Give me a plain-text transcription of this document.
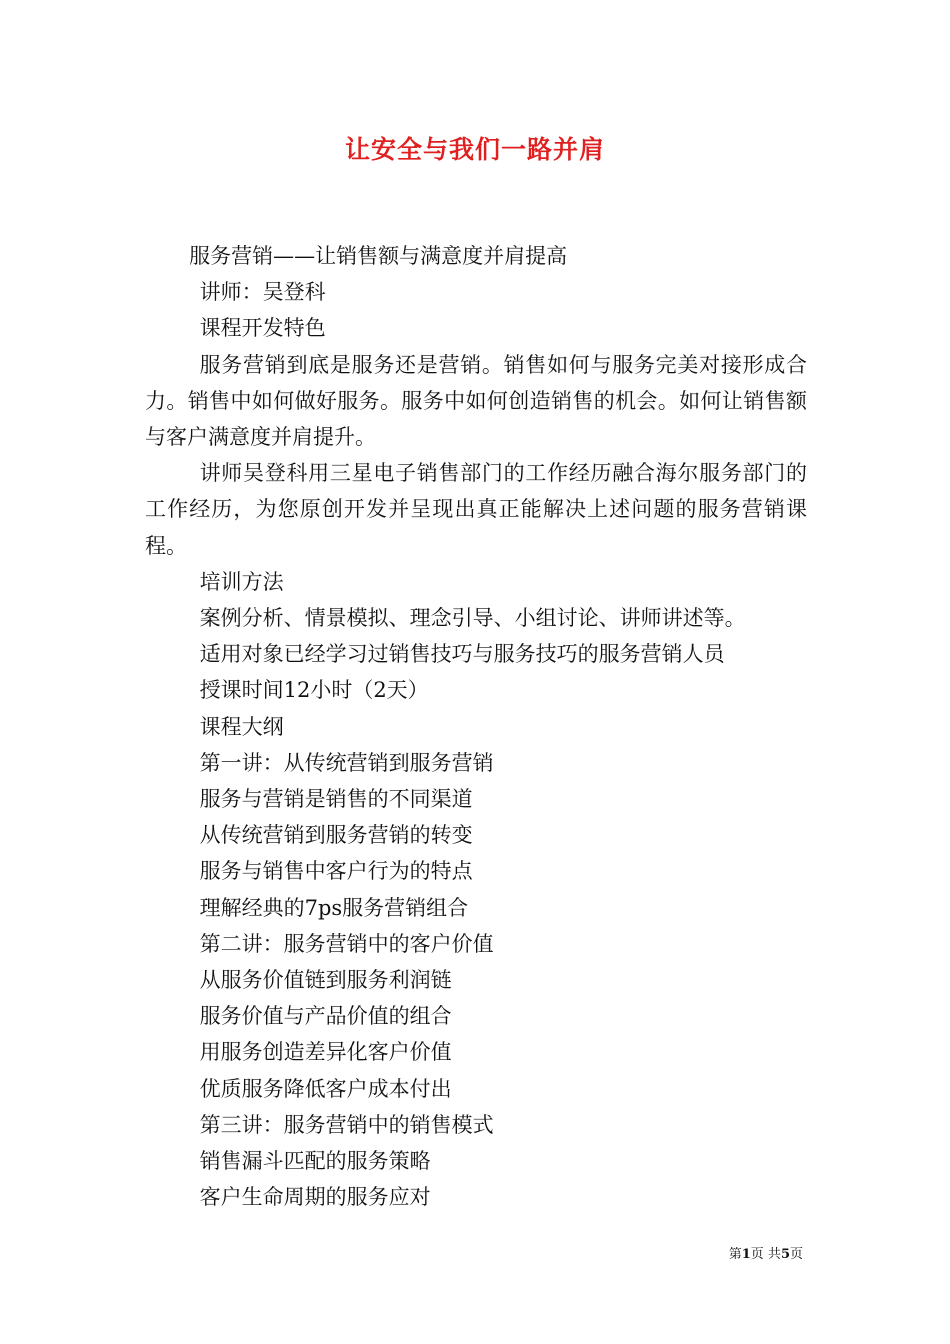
让安全与我们一路并肩

服务营销——让销售额与满意度并肩提高

讲师：吴登科

课程开发特色

服务营销到底是服务还是营销。销售如何与服务完美对接形成合力。销售中如何做好服务。服务中如何创造销售的机会。如何让销售额与客户满意度并肩提升。

讲师吴登科用三星电子销售部门的工作经历融合海尔服务部门的工作经历，为您原创开发并呈现出真正能解决上述问题的服务营销课程。

培训方法

案例分析、情景模拟、理念引导、小组讨论、讲师讲述等。

适用对象已经学习过销售技巧与服务技巧的服务营销人员

授课时间12小时（2天）

课程大纲

第一讲：从传统营销到服务营销

服务与营销是销售的不同渠道

从传统营销到服务营销的转变

服务与销售中客户行为的特点

理解经典的7ps服务营销组合

第二讲：服务营销中的客户价值

从服务价值链到服务利润链

服务价值与产品价值的组合

用服务创造差异化客户价值

优质服务降低客户成本付出

第三讲：服务营销中的销售模式

销售漏斗匹配的服务策略

客户生命周期的服务应对

第1页 共5页
